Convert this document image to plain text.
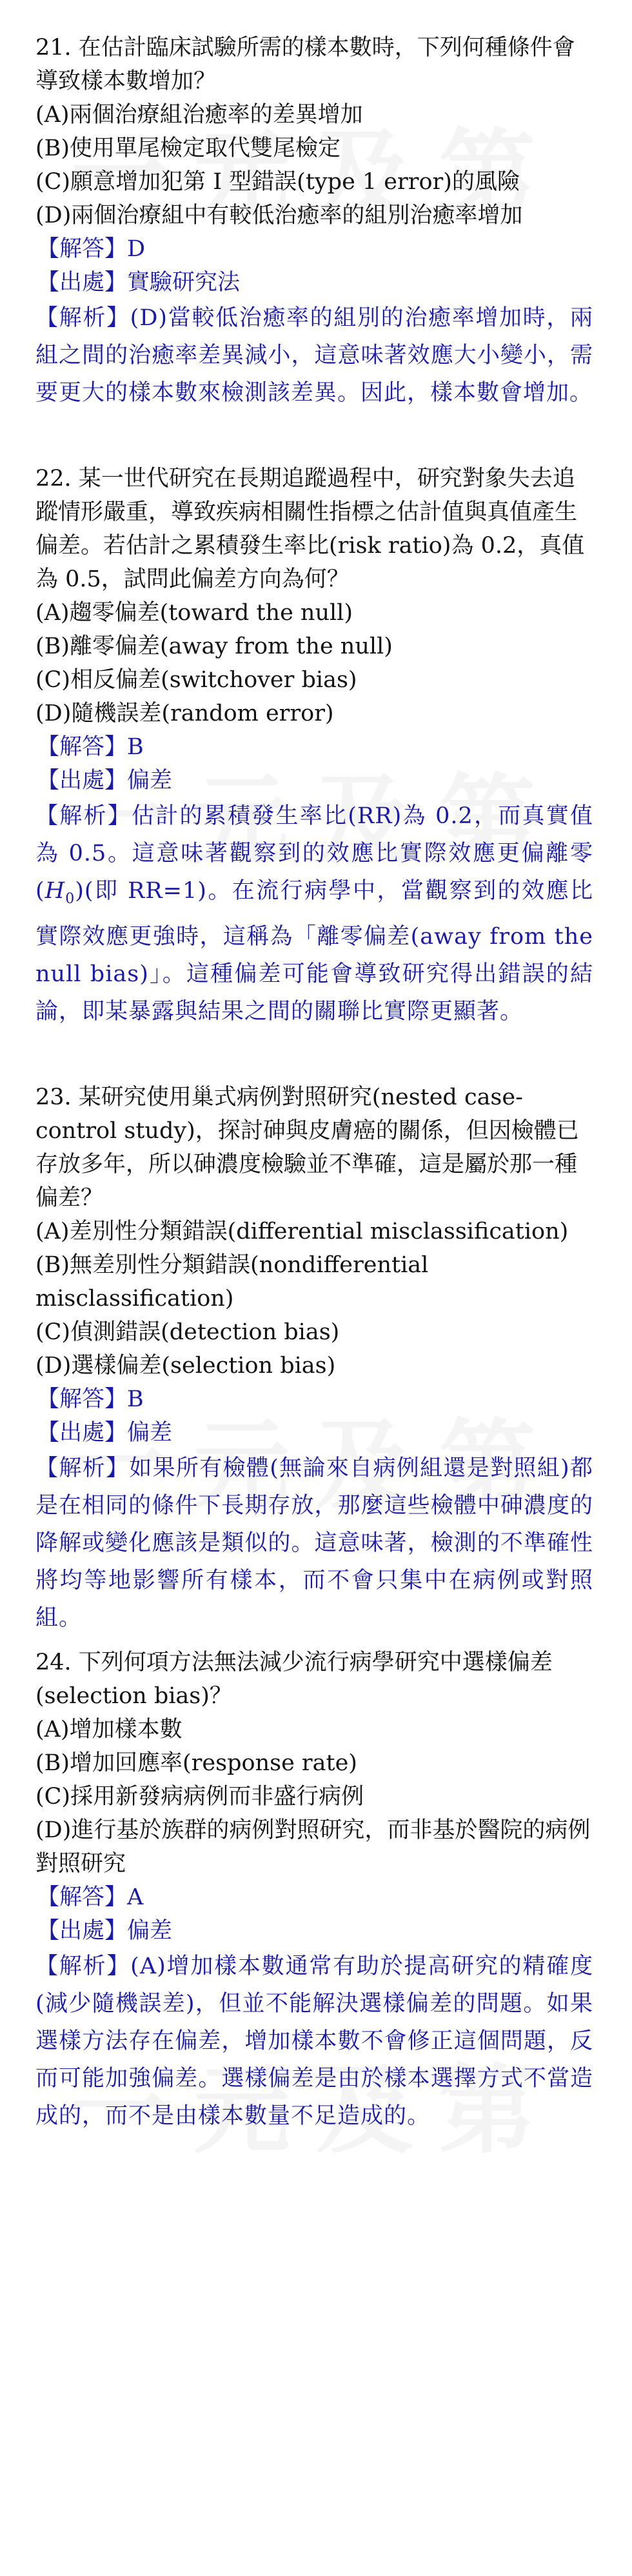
21. 在估計臨床試驗所需的樣本數時，下列何種條件會導致樣本數增加？

(A)兩個治療組治癒率的差異增加

(B)使用單尾檢定取代雙尾檢定

(C)願意增加犯第 I 型錯誤(type 1 error)的風險

(D)兩個治療組中有較低治癒率的組別治癒率增加

【解答】D

【出處】實驗研究法

【解析】(D)當較低治癒率的組別的治癒率增加時，兩組之間的治癒率差異減小，這意味著效應大小變小，需要更大的樣本數來檢測該差異。因此，樣本數會增加。

22. 某一世代研究在長期追蹤過程中，研究對象失去追蹤情形嚴重，導致疾病相關性指標之估計值與真值產生偏差。若估計之累積發生率比(risk ratio)為 0.2，真值為 0.5，試問此偏差方向為何？

(A)趨零偏差(toward the null)

(B)離零偏差(away from the null)

(C)相反偏差(switchover bias)

(D)隨機誤差(random error)

【解答】B

【出處】偏差

【解析】估計的累積發生率比(RR)為 0.2，而真實值為 0.5。這意味著觀察到的效應比實際效應更偏離零$(H_0)$(即 RR=1)。在流行病學中，當觀察到的效應比實際效應更強時，這稱為「離零偏差(away from the null bias)」。這種偏差可能會導致研究得出錯誤的結論，即某暴露與結果之間的關聯比實際更顯著。

23. 某研究使用巢式病例對照研究(nested case-control study)，探討砷與皮膚癌的關係，但因檢體已存放多年，所以砷濃度檢驗並不準確，這是屬於那一種偏差？

(A)差別性分類錯誤(differential misclassification)

(B)無差別性分類錯誤(nondifferential misclassification)

(C)偵測錯誤(detection bias)

(D)選樣偏差(selection bias)

【解答】B

【出處】偏差

【解析】如果所有檢體(無論來自病例組還是對照組)都是在相同的條件下長期存放，那麼這些檢體中砷濃度的降解或變化應該是類似的。這意味著，檢測的不準確性將均等地影響所有樣本，而不會只集中在病例或對照組。

24. 下列何項方法無法減少流行病學研究中選樣偏差(selection bias)？

(A)增加樣本數

(B)增加回應率(response rate)

(C)採用新發病病例而非盛行病例

(D)進行基於族群的病例對照研究，而非基於醫院的病例對照研究

【解答】A

【出處】偏差

【解析】(A)增加樣本數通常有助於提高研究的精確度(減少隨機誤差)，但並不能解決選樣偏差的問題。如果選樣方法存在偏差，增加樣本數不會修正這個問題，反而可能加強偏差。選樣偏差是由於樣本選擇方式不當造成的，而不是由樣本數量不足造成的。
